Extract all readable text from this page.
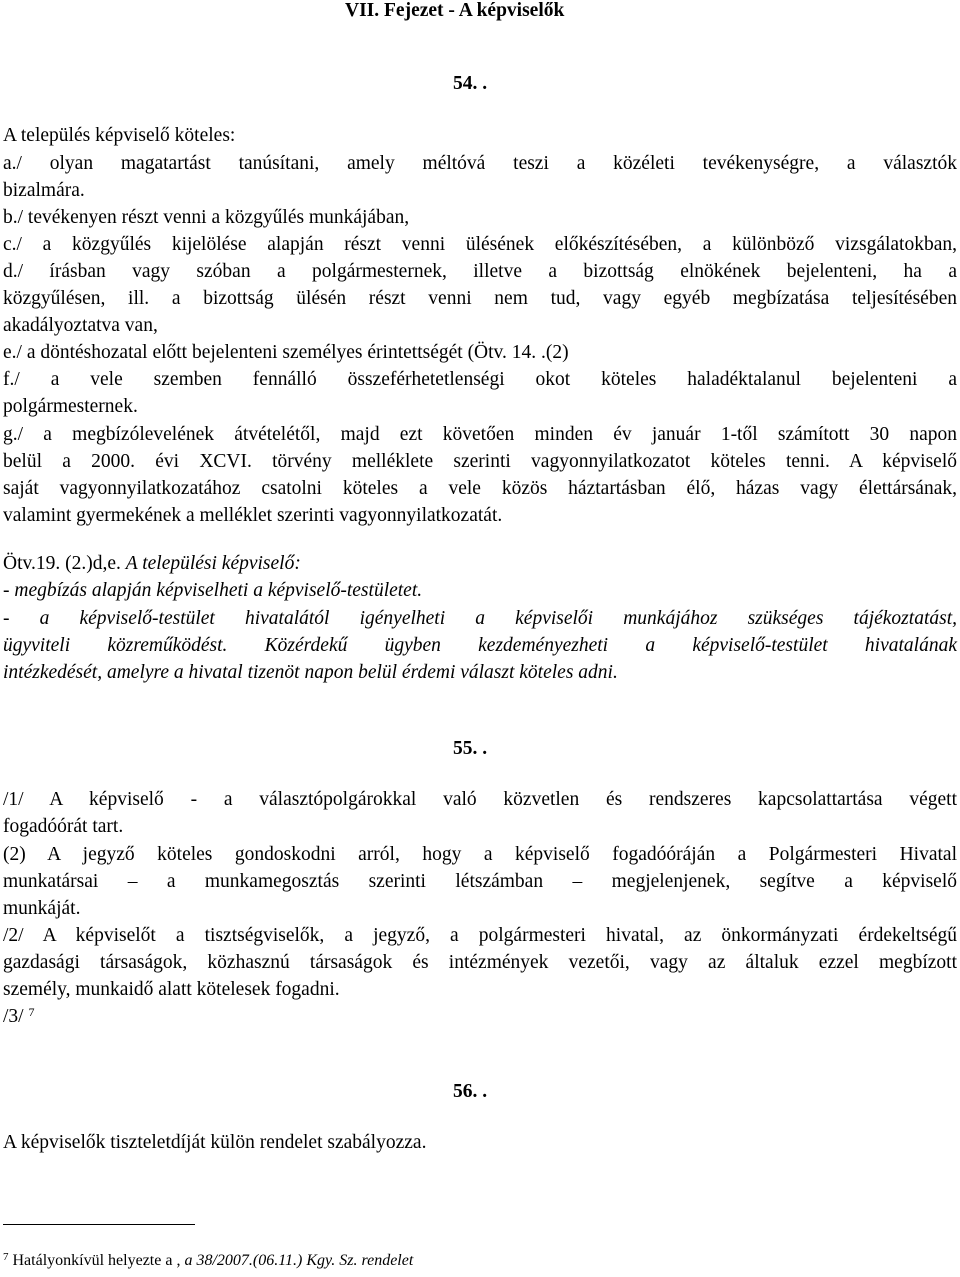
VII. Fejezet - A képviselők
54. .
A település képviselő köteles:
a./ olyan magatartást tanúsítani, amely méltóvá teszi a közéleti tevékenységre, a választók
bizalmára.
b./ tevékenyen részt venni a közgyűlés munkájában,
c./ a közgyűlés kijelölése alapján részt venni ülésének előkészítésében, a különböző vizsgálatokban,
d./ írásban vagy szóban a polgármesternek, illetve a bizottság elnökének bejelenteni, ha a
közgyűlésen, ill. a bizottság ülésén részt venni nem tud, vagy egyéb megbízatása teljesítésében
akadályoztatva van,
e./ a döntéshozatal előtt bejelenteni személyes érintettségét (Ötv. 14. .(2)
f./ a vele szemben fennálló összeférhetetlenségi okot köteles haladéktalanul bejelenteni a
polgármesternek.
g./ a megbízólevelének átvételétől, majd ezt követően minden év január 1-től számított 30 napon
belül a 2000. évi XCVI. törvény melléklete szerinti vagyonnyilatkozatot köteles tenni. A képviselő
saját vagyonnyilatkozatához csatolni köteles a vele közös háztartásban élő, házas vagy élettársának,
valamint gyermekének a melléklet szerinti vagyonnyilatkozatát.
Ötv.19. (2.)d,e. A települési képviselő:
- megbízás alapján képviselheti a képviselő-testületet.
- a képviselő-testület hivatalától igényelheti a képviselői munkájához szükséges tájékoztatást,
ügyviteli közreműködést. Közérdekű ügyben kezdeményezheti a képviselő-testület hivatalának
intézkedését, amelyre a hivatal tizenöt napon belül érdemi választ köteles adni.
55. .
/1/ A képviselő - a választópolgárokkal való közvetlen és rendszeres kapcsolattartása végett
fogadóórát tart.
(2) A jegyző köteles gondoskodni arról, hogy a képviselő fogadóóráján a Polgármesteri Hivatal
munkatársai – a munkamegosztás szerinti létszámban – megjelenjenek, segítve a képviselő
munkáját.
/2/ A képviselőt a tisztségviselők, a jegyző, a polgármesteri hivatal, az önkormányzati érdekeltségű
gazdasági társaságok, közhasznú társaságok és intézmények vezetői, vagy az általuk ezzel megbízott
személy, munkaidő alatt kötelesek fogadni.
/3/ $^7$
56. .
A képviselők tiszteletdíját külön rendelet szabályozza.
$^7$ Hatályonkívül helyezte a , a 38/2007.(06.11.) Kgy. Sz. rendelet
